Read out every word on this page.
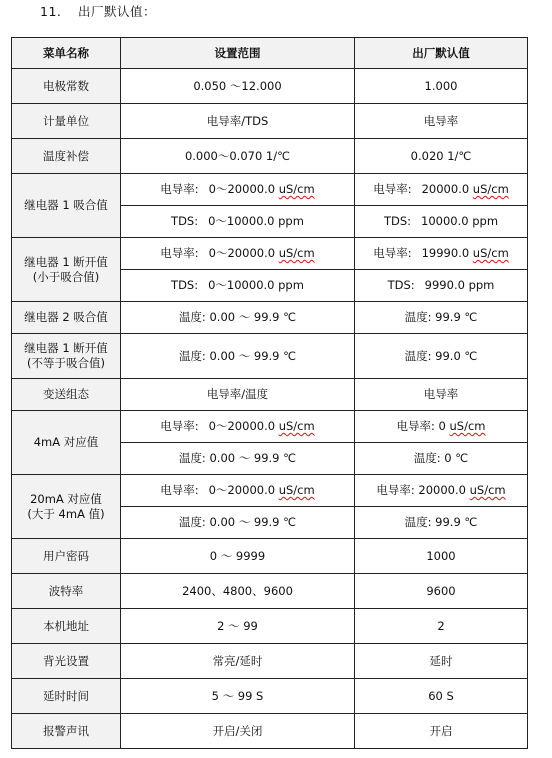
11. 出厂默认值：
菜单名称	设置范围	出厂默认值
电极常数	0.050 ～12.000	1.000
计量单位	电导率/TDS	电导率
温度补偿	0.000～0.070 1/℃	0.020 1/℃
继电器 1 吸合值	电导率: 0～20000.0 uS/cm	电导率: 20000.0 uS/cm
	TDS: 0～10000.0 ppm	TDS: 10000.0 ppm

继电器 1 断开值
(小于吸合值)	电导率: 0～20000.0 uS/cm	电导率: 19990.0 uS/cm
	TDS: 0～10000.0 ppm	TDS: 9990.0 ppm
继电器 2 吸合值	温度: 0.00 ～ 99.9 ℃	温度: 99.9 ℃

继电器 1 断开值
(不等于吸合值)	温度: 0.00 ～ 99.9 ℃	温度: 99.0 ℃
变送组态	电导率/温度	电导率
4mA 对应值	电导率: 0～20000.0 uS/cm	电导率: 0 uS/cm
	温度: 0.00 ～ 99.9 ℃	温度: 0 ℃

20mA 对应值
(大于 4mA 值)	电导率: 0～20000.0 uS/cm	电导率: 20000.0 uS/cm
	温度: 0.00 ～ 99.9 ℃	温度: 99.9 ℃
用户密码	0 ～ 9999	1000
波特率	2400、4800、9600	9600
本机地址	2 ～ 99	2
背光设置	常亮/延时	延时
延时时间	5 ～ 99 S	60 S
报警声讯	开启/关闭	开启
